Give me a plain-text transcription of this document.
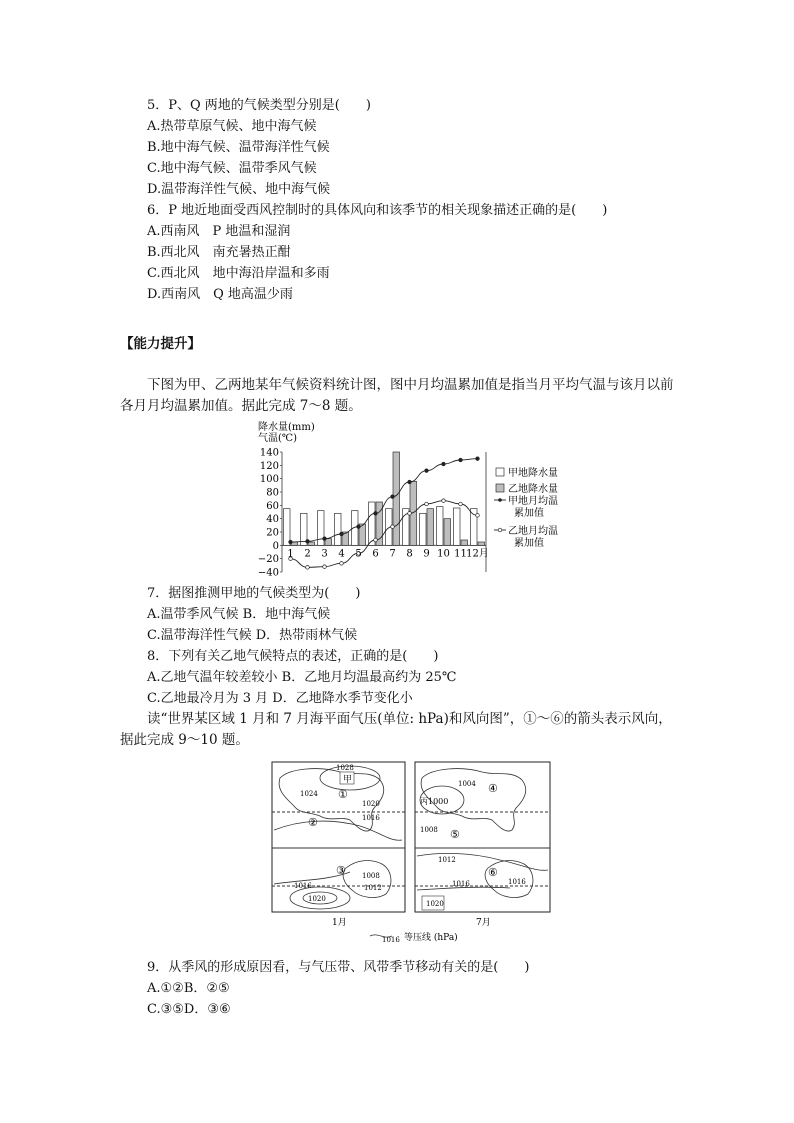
5．P、Q 两地的气候类型分别是(　　)
A.热带草原气候、地中海气候
B.地中海气候、温带海洋性气候
C.地中海气候、温带季风气候
D.温带海洋性气候、地中海气候
6．P 地近地面受西风控制时的具体风向和该季节的相关现象描述正确的是(　　)
A.西南风　P 地温和湿润
B.西北风　南充暑热正酣
C.西北风　地中海沿岸温和多雨
D.西南风　Q 地高温少雨
【能力提升】
下图为甲、乙两地某年气候资料统计图，图中月均温累加值是指当月平均气温与该月以前各月月均温累加值。据此完成 7～8 题。
降水量(mm)
气温(℃)
140
120
100
80
60
40
20
0
−20
−40
1 2 3 4 5 6 7 8 9 10 11 12月
甲地降水量
乙地降水量
甲地月均温
累加值
乙地月均温
累加值
7．据图推测甲地的气候类型为(　　)
A.温带季风气候 B．地中海气候
C.温带海洋性气候 D．热带雨林气候
8．下列有关乙地气候特点的表述，正确的是(　　)
A.乙地气温年较差较小 B．乙地月均温最高约为 25℃
C.乙地最冷月为 3 月 D．乙地降水季节变化小
读“世界某区域 1 月和 7 月海平面气压(单位: hPa)和风向图”，①～⑥的箭头表示风向，据此完成 9～10 题。
1028
甲
1024 ①
1020
②	1016
1008
③
1012
1016
1020
1月
1004 ④
丙1000
1008 ⑤
1012
1016
⑥
1016
1020
7月
1016 等压线 (hPa)
9．从季风的形成原因看，与气压带、风带季节移动有关的是(　　)
A.①②B．②⑤
C.③⑤D．③⑥
